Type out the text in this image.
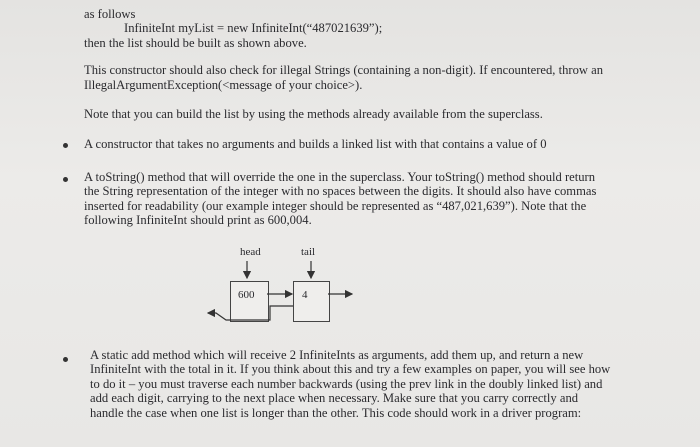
as follows
InfiniteInt myList = new InfiniteInt(“487021639”);
then the list should be built as shown above.
This constructor should also check for illegal Strings (containing a non-digit). If encountered, throw an
IllegalArgumentException(<message of your choice>).
Note that you can build the list by using the methods already available from the superclass.
A constructor that takes no arguments and builds a linked list with that contains a value of 0
A toString() method that will override the one in the superclass. Your toString() method should return
the String representation of the integer with no spaces between the digits. It should also have commas
inserted for readability (our example integer should be represented as “487,021,639”). Note that the
following InfiniteInt should print as 600,004.
head	tail
600	4
A static add method which will receive 2 InfiniteInts as arguments, add them up, and return a new
InfiniteInt with the total in it. If you think about this and try a few examples on paper, you will see how
to do it – you must traverse each number backwards (using the prev link in the doubly linked list) and
add each digit, carrying to the next place when necessary. Make sure that you carry correctly and
handle the case when one list is longer than the other. This code should work in a driver program:
